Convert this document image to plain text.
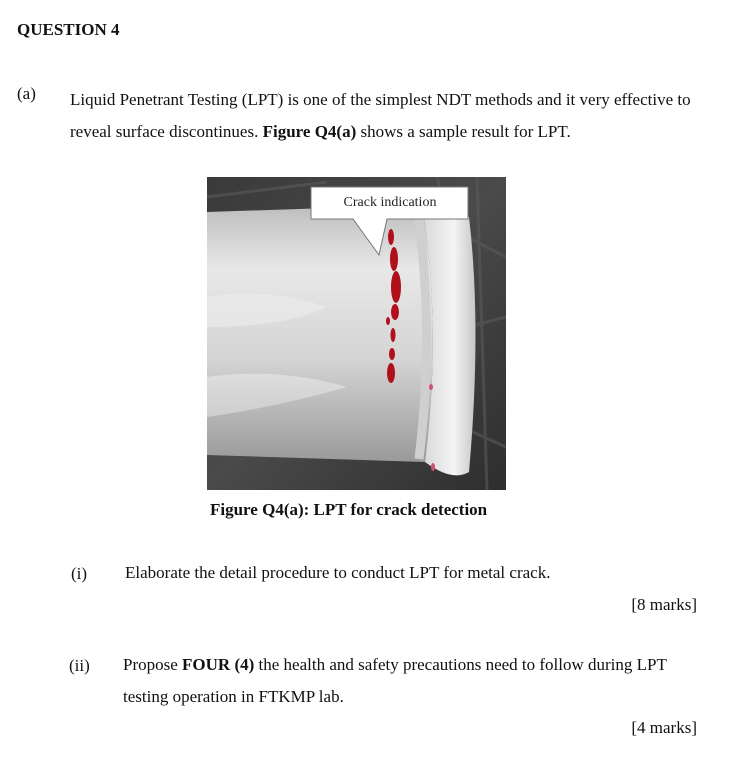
QUESTION 4
(a) Liquid Penetrant Testing (LPT) is one of the simplest NDT methods and it very effective to reveal surface discontinues. Figure Q4(a) shows a sample result for LPT.
Crack indication
Figure Q4(a): LPT for crack detection
(i) Elaborate the detail procedure to conduct LPT for metal crack.
[8 marks]
(ii) Propose FOUR (4) the health and safety precautions need to follow during LPT testing operation in FTKMP lab.
[4 marks]
